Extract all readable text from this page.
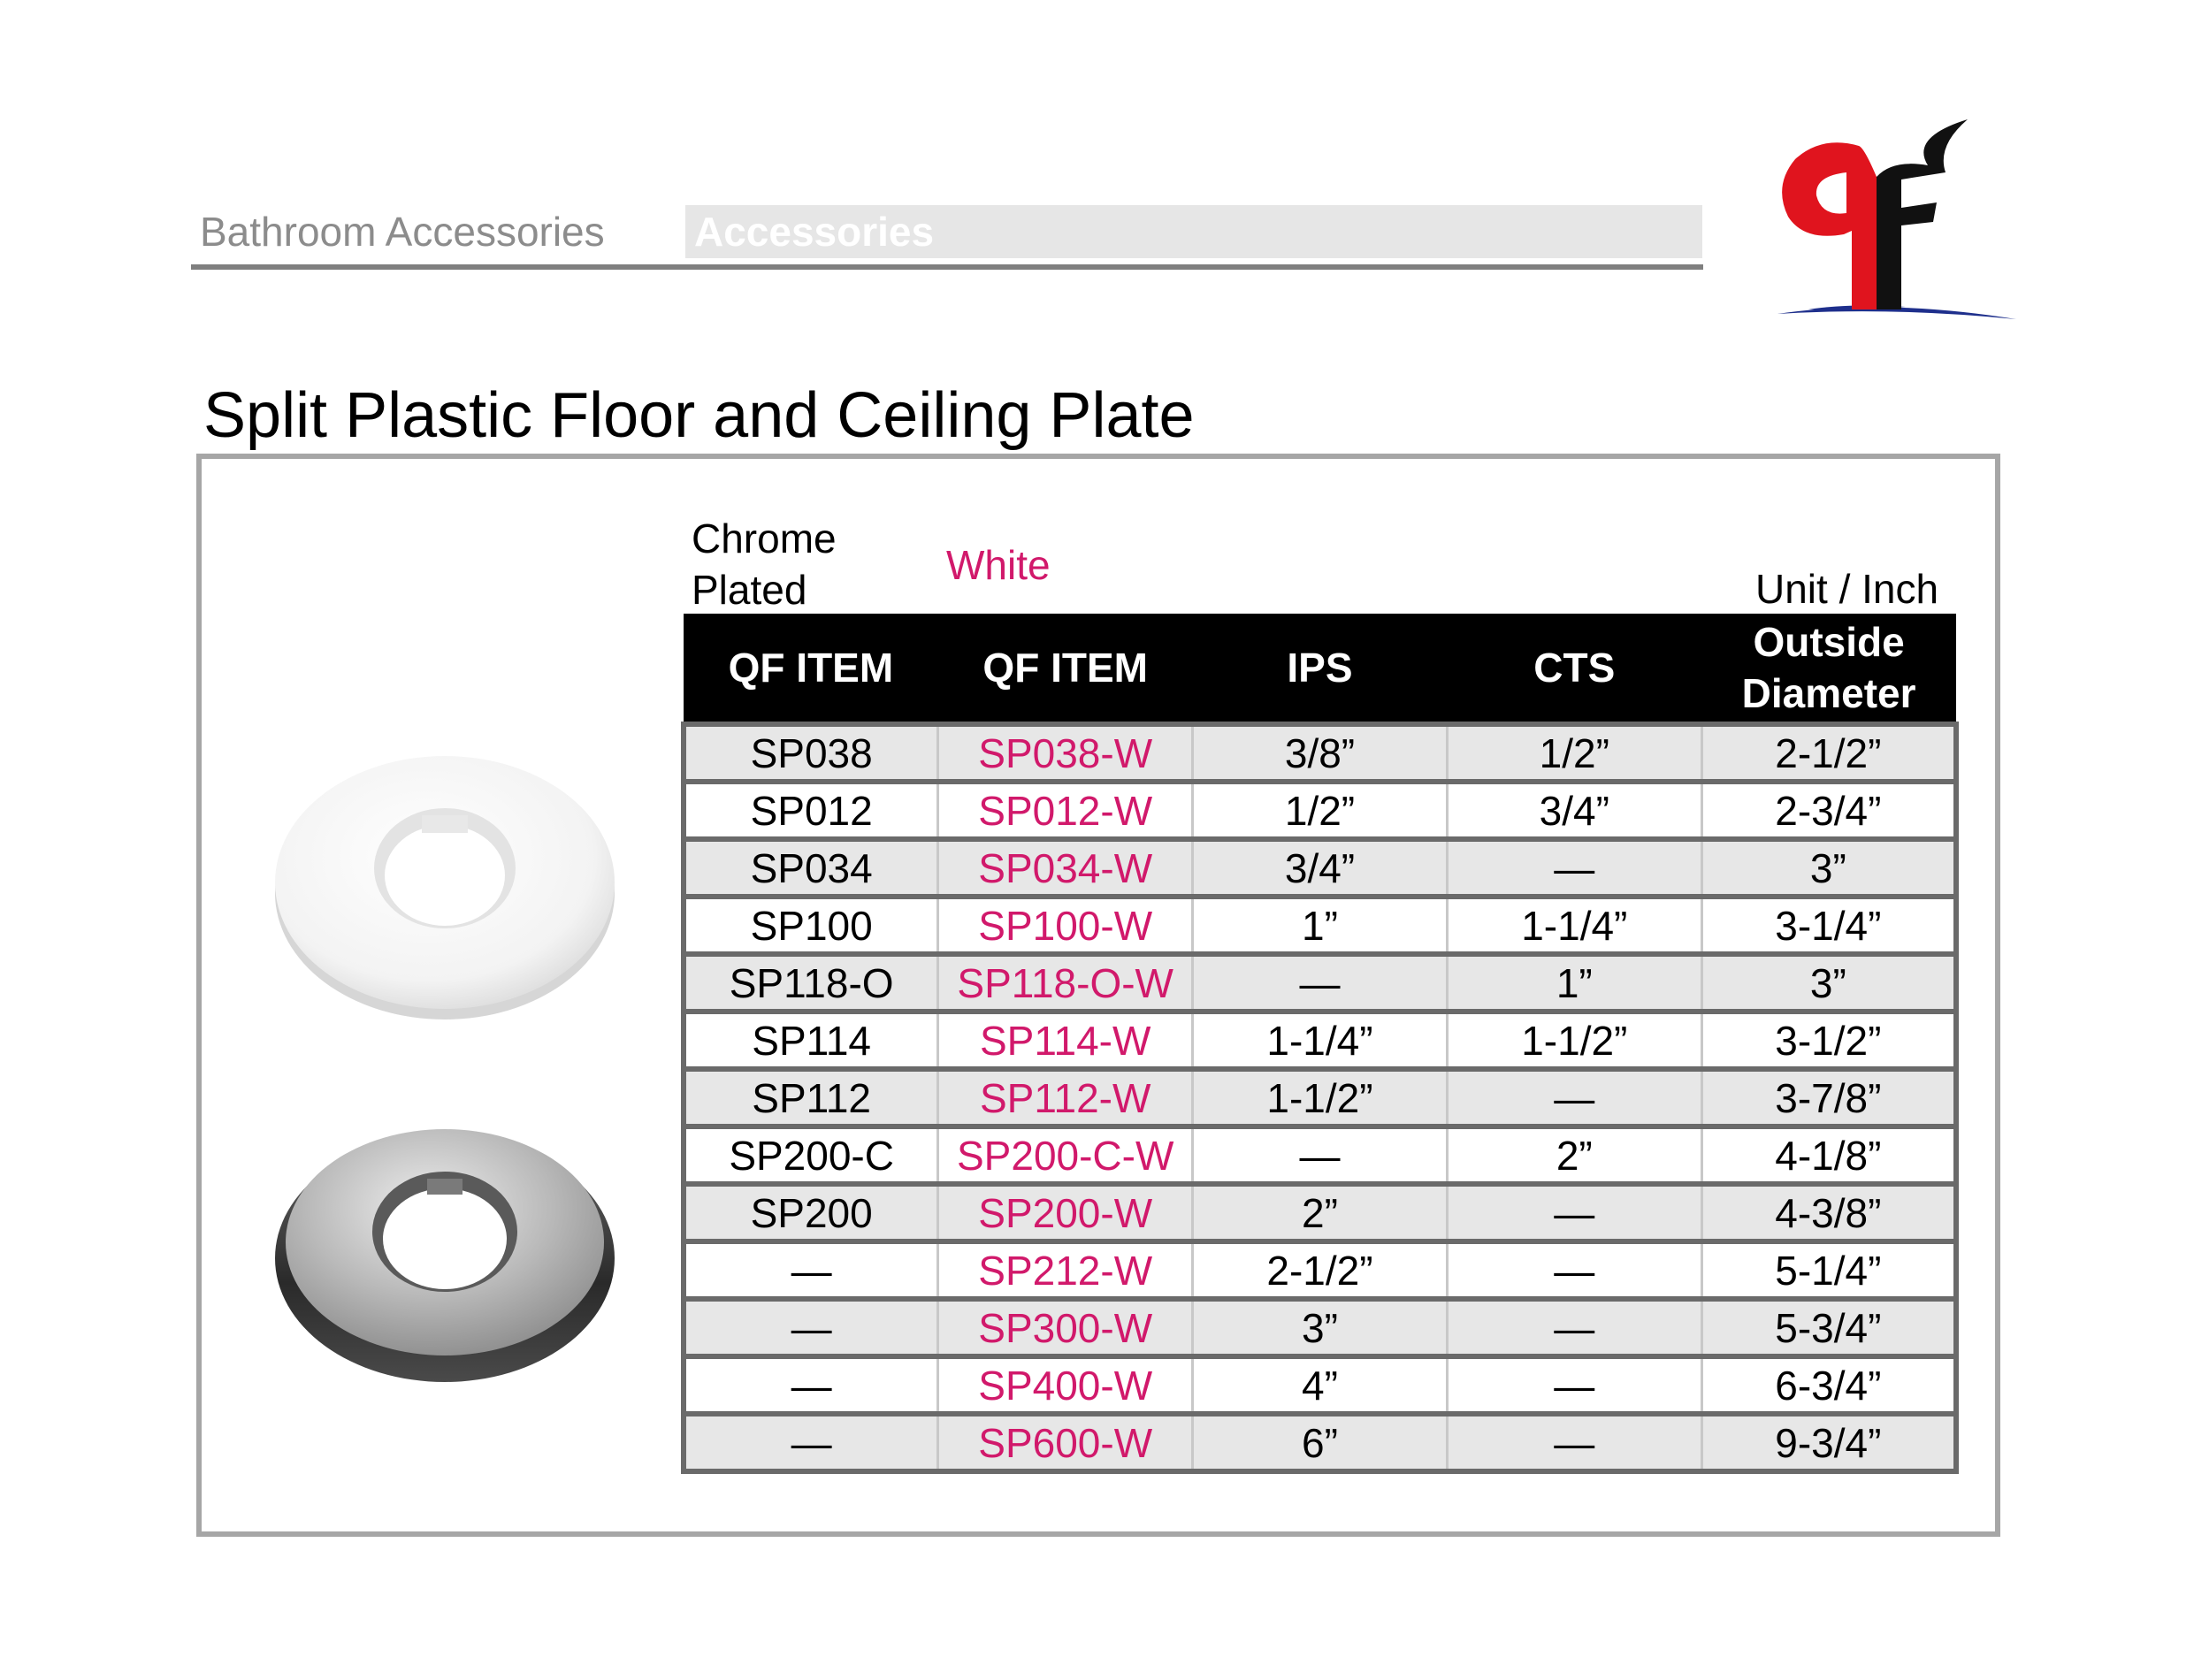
Bathroom Accessories Accessories
Split Plastic Floor and Ceiling Plate
Chrome Plated
White
Unit / Inch
QF ITEM	QF ITEM	IPS	CTS	Outside Diameter
SP038	SP038-W	3/8”	1/2”	2-1/2”
SP012	SP012-W	1/2”	3/4”	2-3/4”
SP034	SP034-W	3/4”	—	3”
SP100	SP100-W	1”	1-1/4”	3-1/4”
SP118-O	SP118-O-W	—	1”	3”
SP114	SP114-W	1-1/4”	1-1/2”	3-1/2”
SP112	SP112-W	1-1/2”	—	3-7/8”
SP200-C	SP200-C-W	—	2”	4-1/8”
SP200	SP200-W	2”	—	4-3/8”
—	SP212-W	2-1/2”	—	5-1/4”
—	SP300-W	3”	—	5-3/4”
—	SP400-W	4”	—	6-3/4”
—	SP600-W	6”	—	9-3/4”
